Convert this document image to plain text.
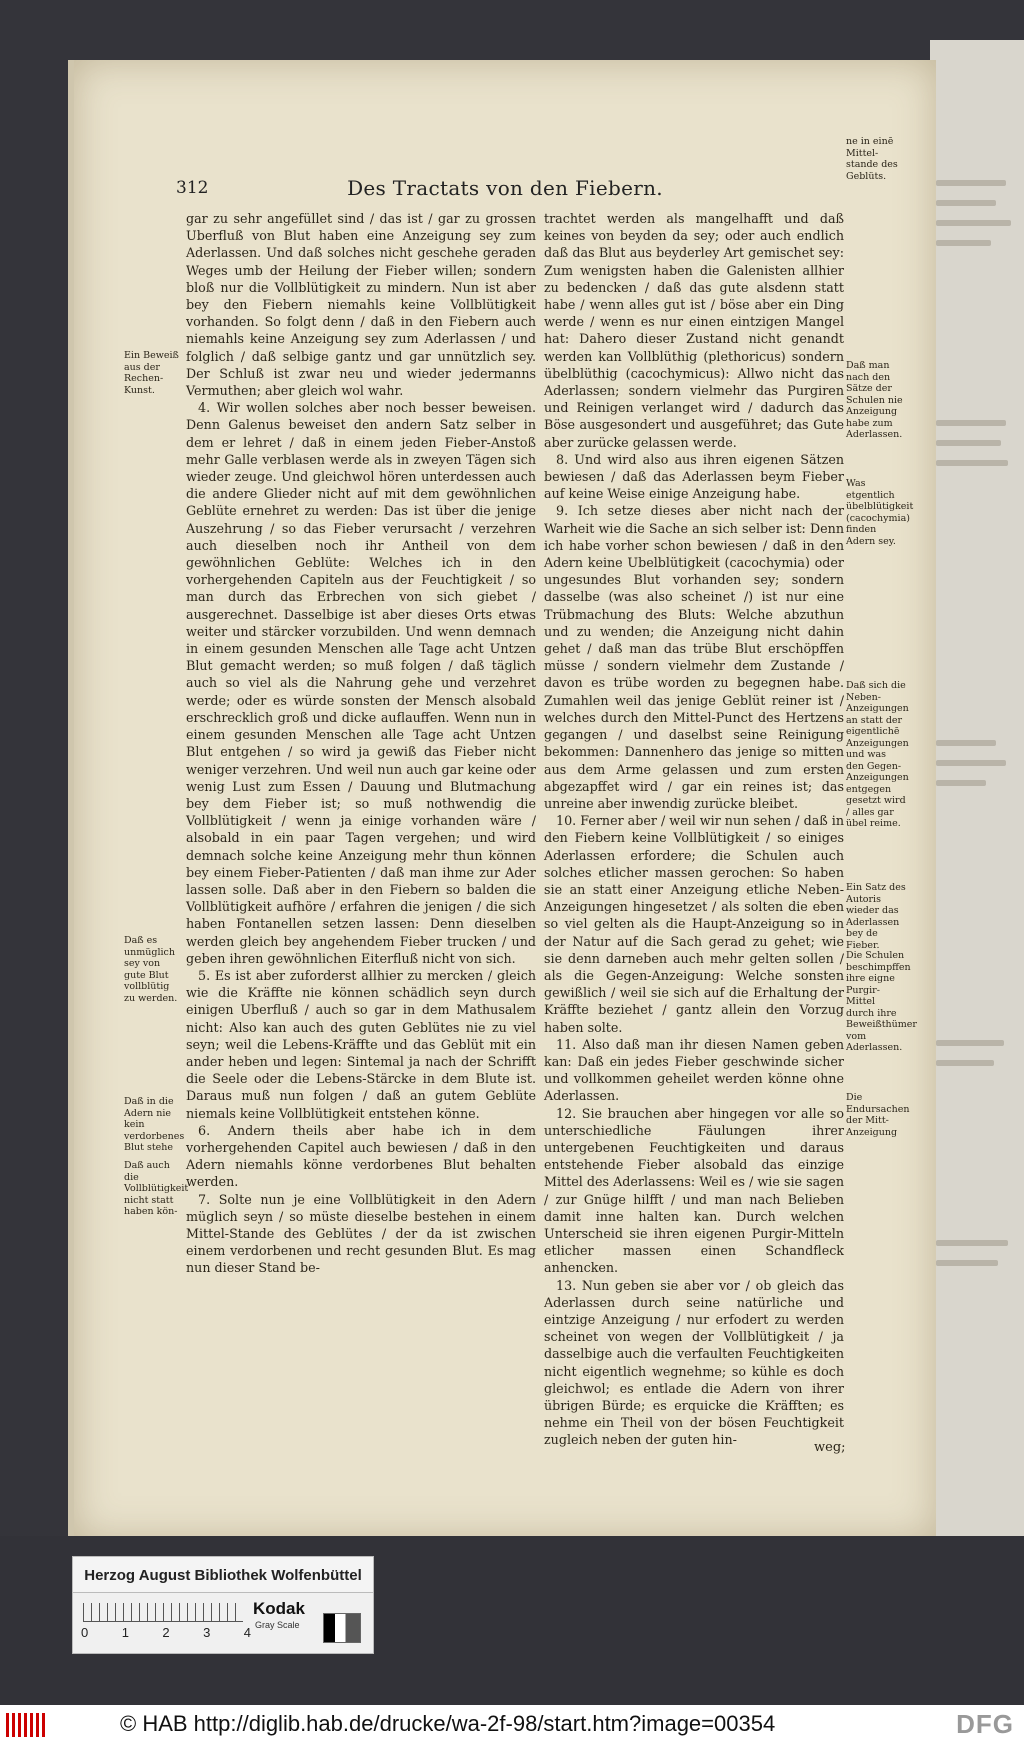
312	Des Tractats von den Fiebern.

gar zu sehr angefüllet sind / das ist / gar zu grossen Uberfluß von Blut haben eine Anzeigung sey zum Aderlassen. Und daß solches nicht geschehe geraden Weges umb der Heilung der Fieber willen; sondern bloß nur die Vollblütigkeit zu mindern. Nun ist aber bey den Fiebern niemahls keine Vollblütigkeit vorhanden. So folgt denn / daß in den Fiebern auch niemahls keine Anzeigung sey zum Aderlassen / und folglich / daß selbige gantz und gar unnützlich sey. Der Schluß ist zwar neu und wieder jedermanns Vermuthen; aber gleich wol wahr.

4. Wir wollen solches aber noch besser beweisen. Denn Galenus beweiset den andern Satz selber in dem er lehret / daß in einem jeden Fieber-Anstoß mehr Galle verblasen werde als in zweyen Tägen sich wieder zeuge. Und gleichwol hören unterdessen auch die andere Glieder nicht auf mit dem gewöhnlichen Geblüte ernehret zu werden: Das ist über die jenige Auszehrung / so das Fieber verursacht / verzehren auch dieselben noch ihr Antheil von dem gewöhnlichen Geblüte: Welches ich in den vorhergehenden Capiteln aus der Feuchtigkeit / so man durch das Erbrechen von sich giebet / ausgerechnet. Dasselbige ist aber dieses Orts etwas weiter und stärcker vorzubilden. Und wenn demnach in einem gesunden Menschen alle Tage acht Untzen Blut gemacht werden; so muß folgen / daß täglich auch so viel als die Nahrung gehe und verzehret werde; oder es würde sonsten der Mensch alsobald erschrecklich groß und dicke auflauffen. Wenn nun in einem gesunden Menschen alle Tage acht Untzen Blut entgehen / so wird ja gewiß das Fieber nicht weniger verzehren. Und weil nun auch gar keine oder wenig Lust zum Essen / Dauung und Blutmachung bey dem Fieber ist; so muß nothwendig die Vollblütigkeit / wenn ja einige vorhanden wäre / alsobald in ein paar Tagen vergehen; und wird demnach solche keine Anzeigung mehr thun können bey einem Fieber-Patienten / daß man ihme zur Ader lassen solle. Daß aber in den Fiebern so balden die Vollblütigkeit aufhöre / erfahren die jenigen / die sich haben Fontanellen setzen lassen: Denn dieselben werden gleich bey angehendem Fieber trucken / und geben ihren gewöhnlichen Eiterfluß nicht von sich.

5. Es ist aber zuforderst allhier zu mercken / gleich wie die Kräffte nie können schädlich seyn durch einigen Uberfluß / auch so gar in dem Mathusalem nicht: Also kan auch des guten Geblütes nie zu viel seyn; weil die Lebens-Kräffte und das Geblüt mit ein ander heben und legen: Sintemal ja nach der Schrifft die Seele oder die Lebens-Stärcke in dem Blute ist. Daraus muß nun folgen / daß an gutem Geblüte niemals keine Vollblütigkeit entstehen könne.

6. Andern theils aber habe ich in dem vorhergehenden Capitel auch bewiesen / daß in den Adern niemahls könne verdorbenes Blut behalten werden.

7. Solte nun je eine Vollblütigkeit in den Adern müglich seyn / so müste dieselbe bestehen in einem Mittel-Stande des Geblütes / der da ist zwischen einem verdorbenen und recht gesunden Blut. Es mag nun dieser Stand be-

trachtet werden als mangelhafft und daß keines von beyden da sey; oder auch endlich daß das Blut aus beyderley Art gemischet sey: Zum wenigsten haben die Galenisten allhier zu bedencken / daß das gute alsdenn statt habe / wenn alles gut ist / böse aber ein Ding werde / wenn es nur einen eintzigen Mangel hat: Dahero dieser Zustand nicht genandt werden kan Vollblüthig (plethoricus) sondern übelblüthig (cacochymicus): Allwo nicht das Aderlassen; sondern vielmehr das Purgiren und Reinigen verlanget wird / dadurch das Böse ausgesondert und ausgeführet; das Gute aber zurücke gelassen werde.

8. Und wird also aus ihren eigenen Sätzen bewiesen / daß das Aderlassen beym Fieber auf keine Weise einige Anzeigung habe.

9. Ich setze dieses aber nicht nach der Warheit wie die Sache an sich selber ist: Denn ich habe vorher schon bewiesen / daß in den Adern keine Ubelblütigkeit (cacochymia) oder ungesundes Blut vorhanden sey; sondern dasselbe (was also scheinet /) ist nur eine Trübmachung des Bluts: Welche abzuthun und zu wenden; die Anzeigung nicht dahin gehet / daß man das trübe Blut erschöpffen müsse / sondern vielmehr dem Zustande / davon es trübe worden zu begegnen habe. Zumahlen weil das jenige Geblüt reiner ist / welches durch den Mittel-Punct des Hertzens gegangen / und daselbst seine Reinigung bekommen: Dannenhero das jenige so mitten aus dem Arme gelassen und zum ersten abgezapffet wird / gar ein reines ist; das unreine aber inwendig zurücke bleibet.

10. Ferner aber / weil wir nun sehen / daß in den Fiebern keine Vollblütigkeit / so einiges Aderlassen erfordere; die Schulen auch solches etlicher massen gerochen: So haben sie an statt einer Anzeigung etliche Neben-Anzeigungen hingesetzet / als solten die eben so viel gelten als die Haupt-Anzeigung so in der Natur auf die Sach gerad zu gehet; wie sie denn darneben auch mehr gelten sollen / als die Gegen-Anzeigung: Welche sonsten gewißlich / weil sie sich auf die Erhaltung der Kräffte beziehet / gantz allein den Vorzug haben solte.

11. Also daß man ihr diesen Namen geben kan: Daß ein jedes Fieber geschwinde sicher und vollkommen geheilet werden könne ohne Aderlassen.

12. Sie brauchen aber hingegen vor alle so unterschiedliche Fäulungen ihrer untergebenen Feuchtigkeiten und daraus entstehende Fieber alsobald das einzige Mittel des Aderlassens: Weil es / wie sie sagen / zur Gnüge hilfft / und man nach Belieben damit inne halten kan. Durch welchen Unterscheid sie ihren eigenen Purgir-Mitteln etlicher massen einen Schandfleck anhencken.

13. Nun geben sie aber vor / ob gleich das Aderlassen durch seine natürliche und eintzige Anzeigung / nur erfodert zu werden scheinet von wegen der Vollblütigkeit / ja dasselbige auch die verfaulten Feuchtigkeiten nicht eigentlich wegnehme; so kühle es doch gleichwol; es entlade die Adern von ihrer übrigen Bürde; es erquicke die Kräfften; es nehme ein Theil von der bösen Feuchtigkeit zugleich neben der guten hin-

Ein Beweiß aus der Rechen-Kunst.
Daß es unmüglich sey von gute Blut vollblütig zu werden.
Daß in die Adern nie kein verdorbenes Blut stehe
Daß auch die Vollblütigkeit nicht statt haben kön-
ne in einē Mittel-stande des Geblüts.
Daß man nach den Sätze der Schulen nie Anzeigung habe zum Aderlassen.
Was etgentlich übelblütigkeit (cacochymia) finden Adern sey.
Daß sich die Neben-Anzeigungen an statt der eigentlichē Anzeigungen und was den Gegen-Anzeigungen entgegen gesetzt wird / alles gar übel reime.
Ein Satz des Autoris wieder das Aderlassen bey de Fieber.
Die Schulen beschimpffen ihre eigne Purgir-Mittel durch ihre Beweißthümer vom Aderlassen.
Die Endursachen der Mitt-Anzeigung
weg;
Herzog August Bibliothek Wolfenbüttel
0	1	2	3	4
Kodak
Gray Scale
© HAB http://diglib.hab.de/drucke/wa-2f-98/start.htm?image=00354	DFG
